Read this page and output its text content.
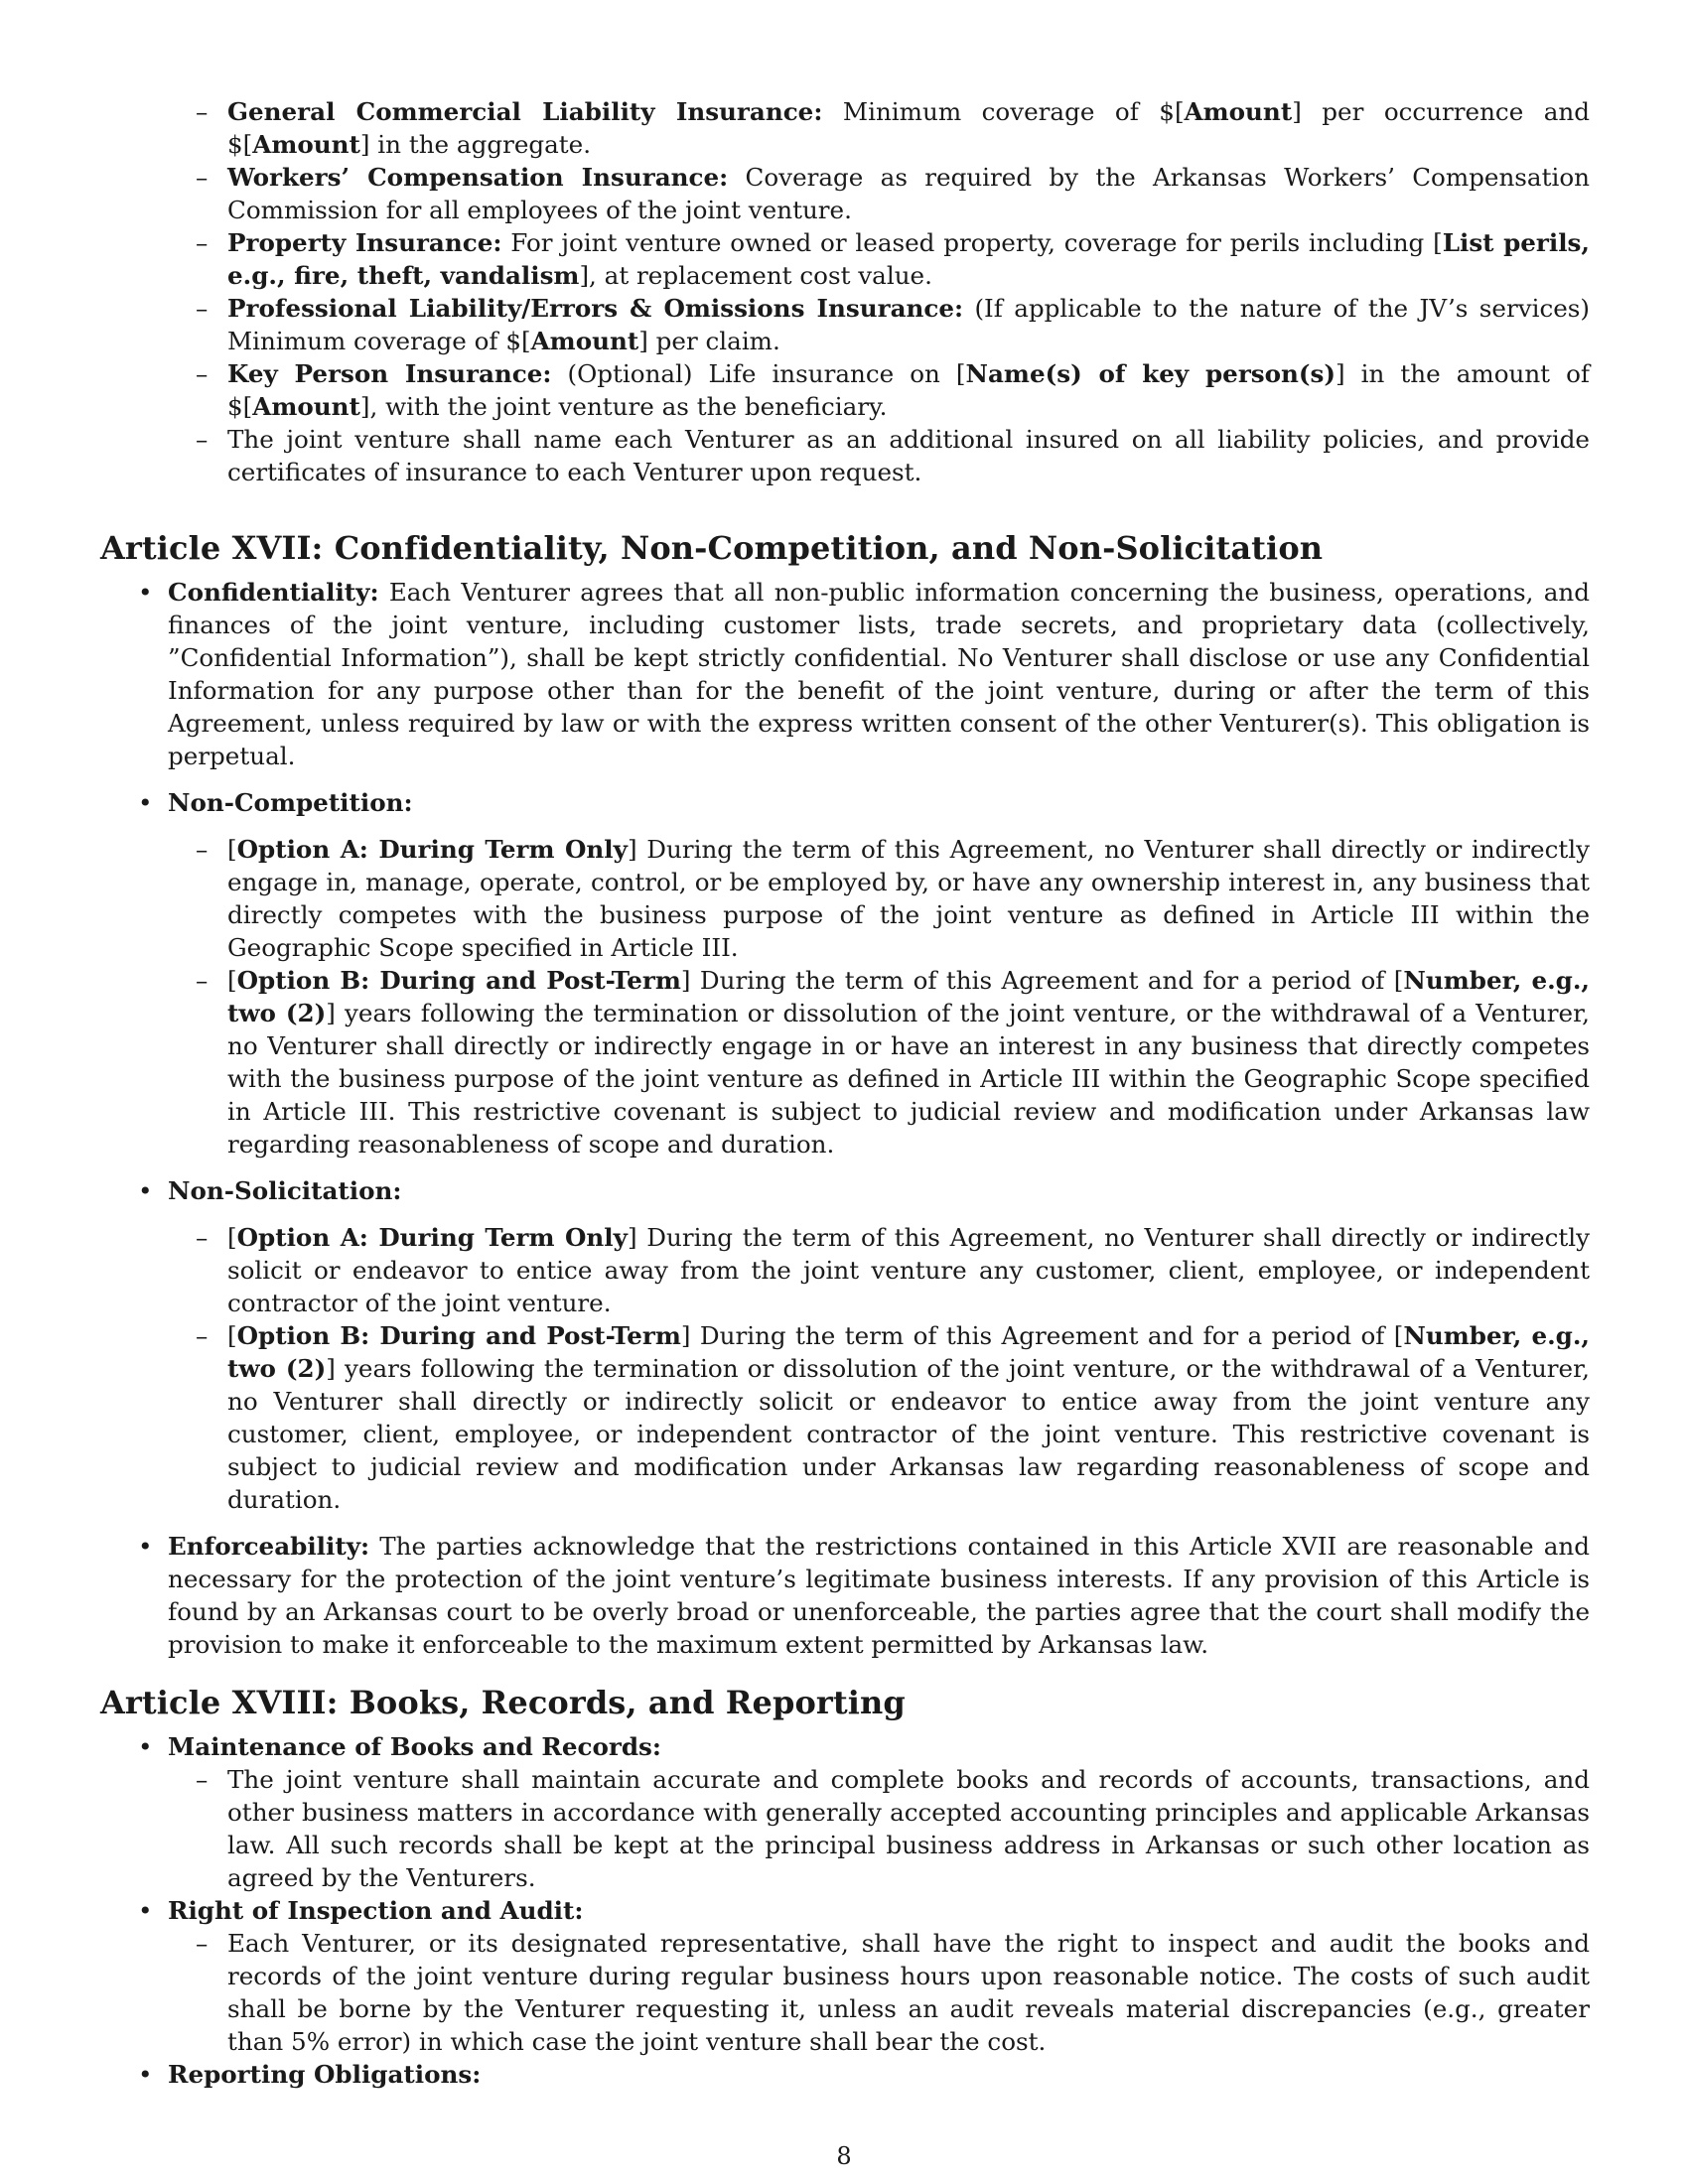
– General Commercial Liability Insurance: Minimum coverage of $[Amount] per occurrence and $[Amount] in the aggregate.
– Workers’ Compensation Insurance: Coverage as required by the Arkansas Workers’ Compensation Commission for all employees of the joint venture.
– Property Insurance: For joint venture owned or leased property, coverage for perils including [List perils, e.g., fire, theft, vandalism], at replacement cost value.
– Professional Liability/Errors & Omissions Insurance: (If applicable to the nature of the JV’s services) Minimum coverage of $[Amount] per claim.
– Key Person Insurance: (Optional) Life insurance on [Name(s) of key person(s)] in the amount of $[Amount], with the joint venture as the beneficiary.
– The joint venture shall name each Venturer as an additional insured on all liability policies, and provide certificates of insurance to each Venturer upon request.
Article XVII: Confidentiality, Non-Competition, and Non-Solicitation
• Confidentiality: Each Venturer agrees that all non-public information concerning the business, operations, and finances of the joint venture, including customer lists, trade secrets, and proprietary data (collectively, ”Confidential Information”), shall be kept strictly confidential. No Venturer shall disclose or use any Confidential Information for any purpose other than for the benefit of the joint venture, during or after the term of this Agreement, unless required by law or with the express written consent of the other Venturer(s). This obligation is perpetual.
• Non-Competition:
– [Option A: During Term Only] During the term of this Agreement, no Venturer shall directly or indirectly engage in, manage, operate, control, or be employed by, or have any ownership interest in, any business that directly competes with the business purpose of the joint venture as defined in Article III within the Geographic Scope specified in Article III.
– [Option B: During and Post-Term] During the term of this Agreement and for a period of [Number, e.g., two (2)] years following the termination or dissolution of the joint venture, or the withdrawal of a Venturer, no Venturer shall directly or indirectly engage in or have an interest in any business that directly competes with the business purpose of the joint venture as defined in Article III within the Geographic Scope specified in Article III. This restrictive covenant is subject to judicial review and modification under Arkansas law regarding reasonableness of scope and duration.
• Non-Solicitation:
– [Option A: During Term Only] During the term of this Agreement, no Venturer shall directly or indirectly solicit or endeavor to entice away from the joint venture any customer, client, employee, or independent contractor of the joint venture.
– [Option B: During and Post-Term] During the term of this Agreement and for a period of [Number, e.g., two (2)] years following the termination or dissolution of the joint venture, or the withdrawal of a Venturer, no Venturer shall directly or indirectly solicit or endeavor to entice away from the joint venture any customer, client, employee, or independent contractor of the joint venture. This restrictive covenant is subject to judicial review and modification under Arkansas law regarding reasonableness of scope and duration.
• Enforceability: The parties acknowledge that the restrictions contained in this Article XVII are reasonable and necessary for the protection of the joint venture’s legitimate business interests. If any provision of this Article is found by an Arkansas court to be overly broad or unenforceable, the parties agree that the court shall modify the provision to make it enforceable to the maximum extent permitted by Arkansas law.
Article XVIII: Books, Records, and Reporting
• Maintenance of Books and Records:
– The joint venture shall maintain accurate and complete books and records of accounts, transactions, and other business matters in accordance with generally accepted accounting principles and applicable Arkansas law. All such records shall be kept at the principal business address in Arkansas or such other location as agreed by the Venturers.
• Right of Inspection and Audit:
– Each Venturer, or its designated representative, shall have the right to inspect and audit the books and records of the joint venture during regular business hours upon reasonable notice. The costs of such audit shall be borne by the Venturer requesting it, unless an audit reveals material discrepancies (e.g., greater than 5% error) in which case the joint venture shall bear the cost.
• Reporting Obligations:
8
